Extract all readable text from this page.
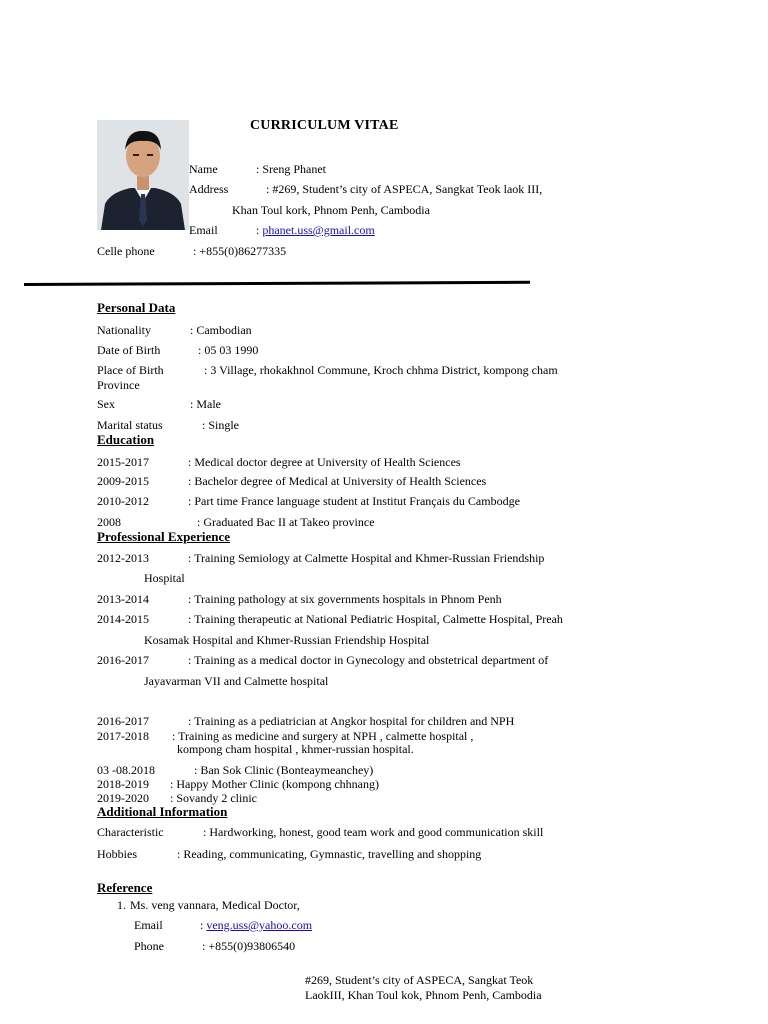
CURRICULUM VITAE
Name	: Sreng Phanet
Address	: #269, Student’s city of ASPECA, Sangkat Teok laok III,
Khan Toul kork, Phnom Penh, Cambodia
Email	: phanet.uss@gmail.com
Celle phone	: +855(0)86277335
Personal Data
Nationality	: Cambodian
Date of Birth	: 05 03 1990
Place of Birth	: 3 Village, rhokakhnol Commune, Kroch chhma District, kompong cham
Province
Sex	: Male
Marital status	: Single
Education
2015-2017	: Medical doctor degree at University of Health Sciences
2009-2015	: Bachelor degree of Medical at University of Health Sciences
2010-2012	: Part time France language student at Institut Français du Cambodge
2008	: Graduated Bac II at Takeo province
Professional Experience
2012-2013	: Training Semiology at Calmette Hospital and Khmer-Russian Friendship
Hospital
2013-2014	: Training pathology at six governments hospitals in Phnom Penh
2014-2015	: Training therapeutic at National Pediatric Hospital, Calmette Hospital, Preah
Kosamak Hospital and Khmer-Russian Friendship Hospital
2016-2017	: Training as a medical doctor in Gynecology and obstetrical department of
Jayavarman VII and Calmette hospital
2016-2017	: Training as a pediatrician at Angkor hospital for children and NPH
2017-2018 : Training as medicine and surgery at NPH , calmette hospital ,
kompong cham hospital , khmer-russian hospital.
03 -08.2018	: Ban Sok Clinic (Bonteaymeanchey)
2018-2019 : Happy Mother Clinic (kompong chhnang)
2019-2020 : Sovandy 2 clinic
Additional Information
Characteristic	: Hardworking, honest, good team work and good communication skill
Hobbies	: Reading, communicating, Gymnastic, travelling and shopping
Reference
1. Ms. veng vannara, Medical Doctor,
Email	: veng.uss@yahoo.com
Phone	: +855(0)93806540
#269, Student’s city of ASPECA, Sangkat Teok
LaokIII, Khan Toul kok, Phnom Penh, Cambodia
